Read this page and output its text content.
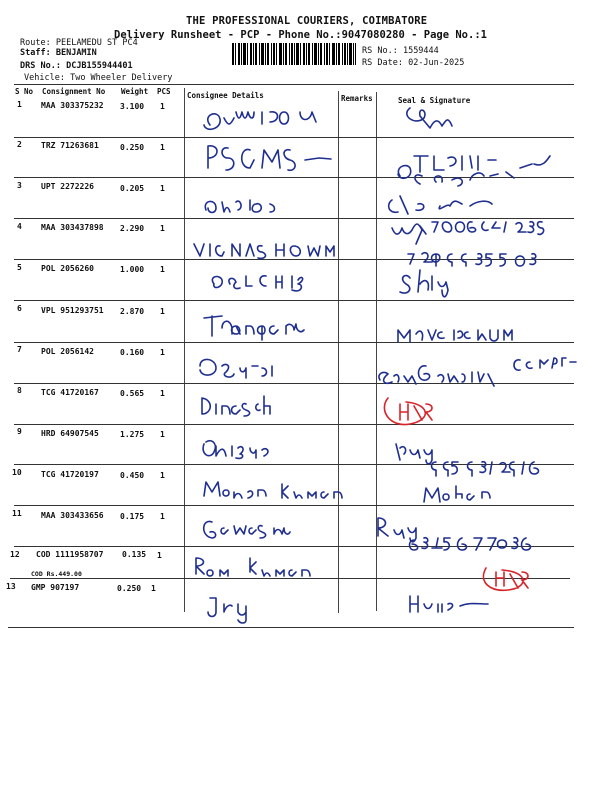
THE PROFESSIONAL COURIERS, COIMBATORE
Delivery Runsheet - PCP - Phone No.:9047080280 - Page No.:1
Route: PEELAMEDU ST PC4
Staff: BENJAMIN
DRS No.: DCJB155944401
Vehicle: Two Wheeler Delivery
RS No.: 1559444
RS Date: 02-Jun-2025
S No Consignment No Weight PCS Consignee Details	Remarks	Seal & Signature
1 MAA 303375232 3.100 1
2 TRZ 71263681	0.250 1
3 UPT 2272226	0.205 1
4 MAA 303437898 2.290 1
5 POL 2056260	1.000 1
6 VPL 951293751 2.870 1
7 POL 2056142	0.160 1
8 TCG 41720167	0.565 1
9 HRD 64907545	1.275 1
10 TCG 41720197	0.450 1
11 MAA 303433656 0.175 1
12 COD 1111958707 0.135 1
COD Rs.449.00
13 GMP 907197	0.250 1
